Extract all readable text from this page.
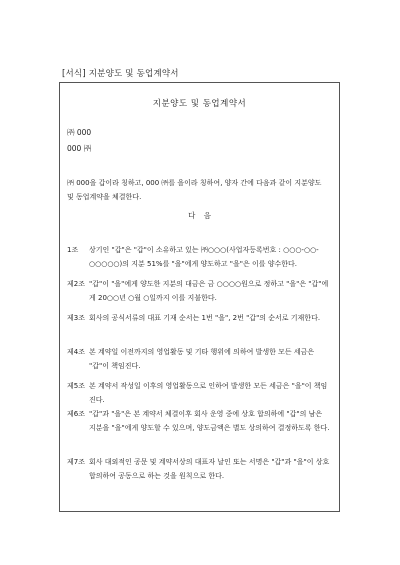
[서식] 지분양도 및 동업계약서
지분양도 및 동업계약서
㈜ 000
000 ㈜
㈜ 000을 갑이라 칭하고, 000 ㈜를 을이라 칭하여, 양자 간에 다음과 같이 지분양도 및 동업계약을 체결한다.
다 음
1조	상기인 "갑"은 "갑"이 소유하고 있는 ㈜○○○(사업자등록번호 : ○○○-○○-○○○○○)의 지분 51%를 "을"에게 양도하고 "을"은 이를 양수한다.
제2조 "갑"이 "을"에게 양도한 지분의 대금은 금 ○○○○원으로 정하고 "을"은 "갑"에게 20○○년 ○월 ○일까지 이를 지불한다.
제3조 회사의 공식서류의 대표 기재 순서는 1번 "을", 2번 "갑"의 순서로 기재한다.
제4조 본 계약일 이전까지의 영업활동 및 기타 행위에 의하여 발생한 모든 세금은 "갑"이 책임진다.
제5조 본 계약서 작성일 이후의 영업활동으로 인하여 발생한 모든 세금은 "을"이 책임진다.
제6조 "갑"과 "을"은 본 계약서 체결이후 회사 운영 중에 상호 합의하에 "갑"의 남은 지분을 "을"에게 양도할 수 있으며, 양도금액은 별도 상의하여 결정하도록 한다.
제7조 회사 대외적인 공문 및 계약서상의 대표자 날인 또는 서명은 "갑"과 "을"이 상호 합의하여 공동으로 하는 것을 원칙으로 한다.
